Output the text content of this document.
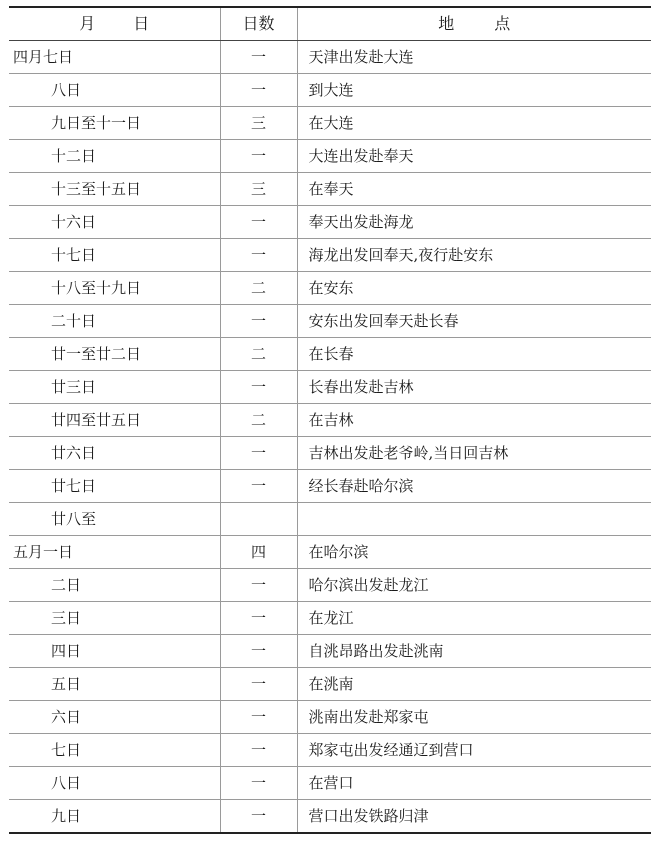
月 日	日数	地 点
四月七日	一	天津出发赴大连
八日	一	到大连
九日至十一日	三	在大连
十二日	一	大连出发赴奉天
十三至十五日	三	在奉天
十六日	一	奉天出发赴海龙
十七日	一	海龙出发回奉天,夜行赴安东
十八至十九日	二	在安东
二十日	一	安东出发回奉天赴长春
廿一至廿二日	二	在长春
廿三日	一	长春出发赴吉林
廿四至廿五日	二	在吉林
廿六日	一	吉林出发赴老爷岭,当日回吉林
廿七日	一	经长春赴哈尔滨
廿八至		
五月一日	四	在哈尔滨
二日	一	哈尔滨出发赴龙江
三日	一	在龙江
四日	一	自洮昂路出发赴洮南
五日	一	在洮南
六日	一	洮南出发赴郑家屯
七日	一	郑家屯出发经通辽到营口
八日	一	在营口
九日	一	营口出发铁路归津
